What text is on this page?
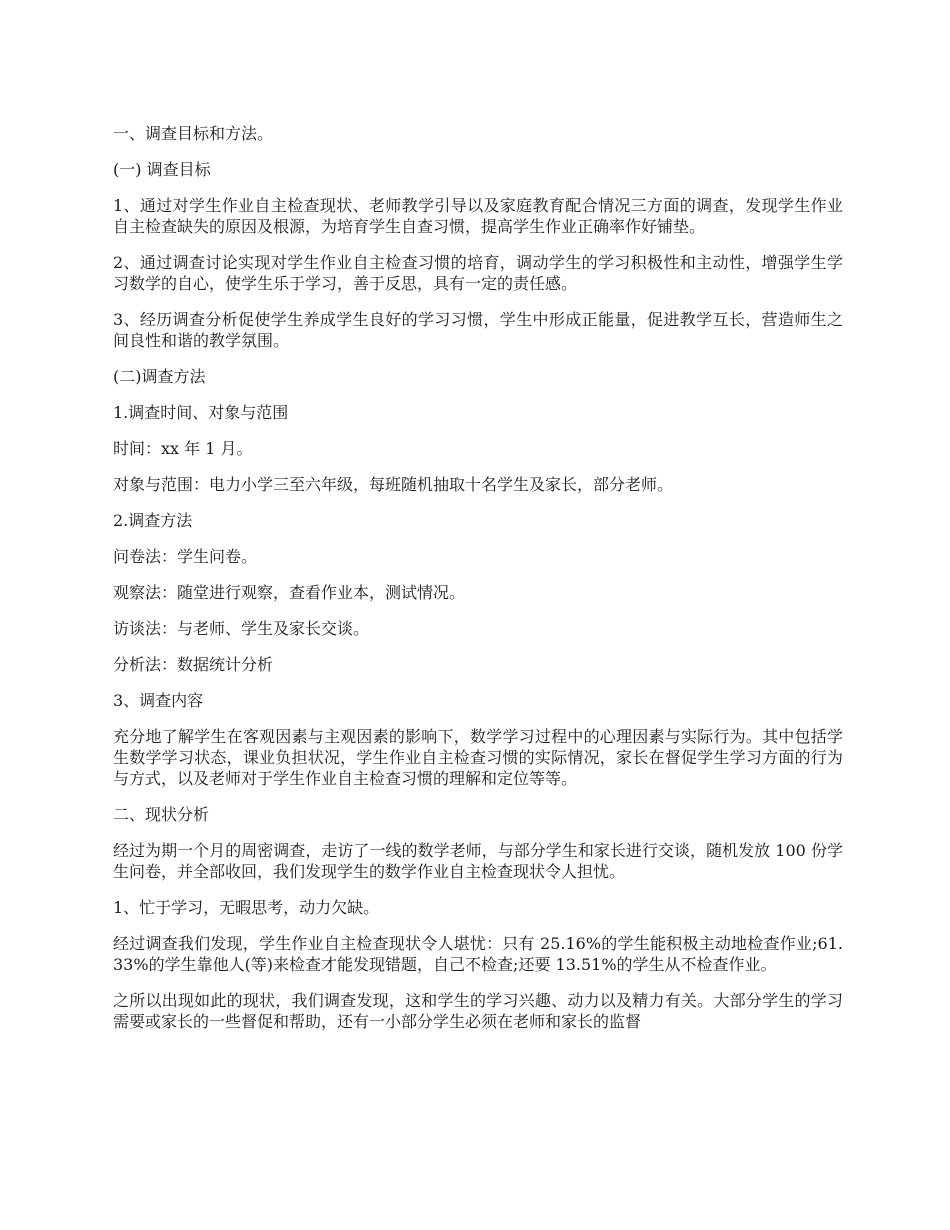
一、调查目标和方法。

(一) 调查目标

1、通过对学生作业自主检查现状、老师教学引导以及家庭教育配合情况三方面的调查，发现学生作业自主检查缺失的原因及根源，为培育学生自查习惯，提高学生作业正确率作好铺垫。

2、通过调查讨论实现对学生作业自主检查习惯的培育，调动学生的学习积极性和主动性，增强学生学习数学的自心，使学生乐于学习，善于反思，具有一定的责任感。

3、经历调查分析促使学生养成学生良好的学习习惯，学生中形成正能量，促进教学互长，营造师生之间良性和谐的教学氛围。

(二)调查方法

1.调查时间、对象与范围

时间：xx 年 1 月。

对象与范围：电力小学三至六年级，每班随机抽取十名学生及家长，部分老师。

2.调查方法

问卷法：学生问卷。

观察法：随堂进行观察，查看作业本，测试情况。

访谈法：与老师、学生及家长交谈。

分析法：数据统计分析

3、调查内容

充分地了解学生在客观因素与主观因素的影响下，数学学习过程中的心理因素与实际行为。其中包括学生数学学习状态，课业负担状况，学生作业自主检查习惯的实际情况，家长在督促学生学习方面的行为与方式，以及老师对于学生作业自主检查习惯的理解和定位等等。

二、现状分析

经过为期一个月的周密调查，走访了一线的数学老师，与部分学生和家长进行交谈，随机发放 100 份学生问卷，并全部收回，我们发现学生的数学作业自主检查现状令人担忧。

1、忙于学习，无暇思考，动力欠缺。

经过调查我们发现，学生作业自主检查现状令人堪忧：只有 25.16%的学生能积极主动地检查作业;61.33%的学生靠他人(等)来检查才能发现错题，自己不检查;还要 13.51%的学生从不检查作业。

之所以出现如此的现状，我们调查发现，这和学生的学习兴趣、动力以及精力有关。大部分学生的学习需要或家长的一些督促和帮助，还有一小部分学生必须在老师和家长的监督
